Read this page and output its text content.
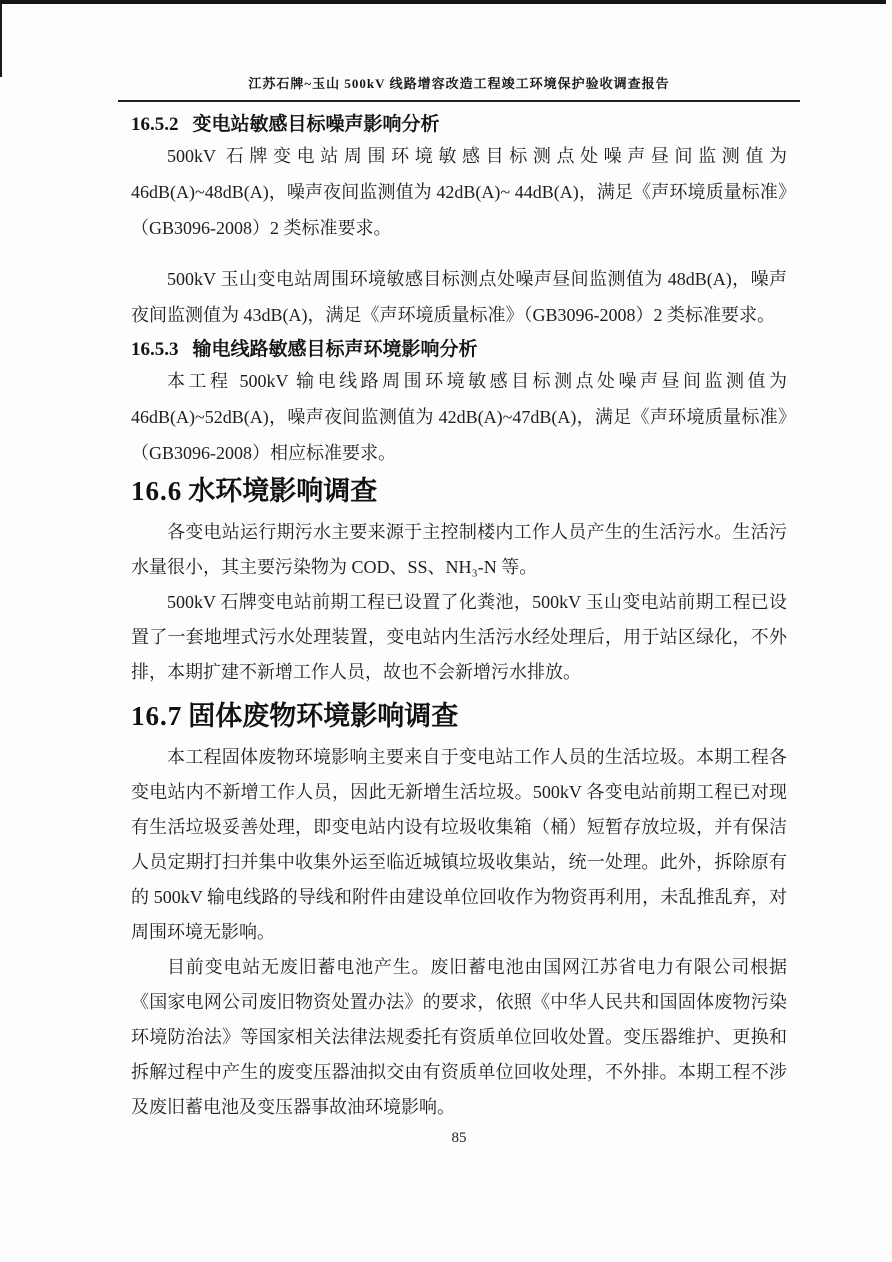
江苏石牌~玉山 500kV 线路增容改造工程竣工环境保护验收调查报告
16.5.2 变电站敏感目标噪声影响分析

500kV 石牌变电站周围环境敏感目标测点处噪声昼间监测值为 46dB(A)~48dB(A)，噪声夜间监测值为 42dB(A)~ 44dB(A)，满足《声环境质量标准》（GB3096-2008）2 类标准要求。

500kV 玉山变电站周围环境敏感目标测点处噪声昼间监测值为 48dB(A)，噪声夜间监测值为 43dB(A)，满足《声环境质量标准》（GB3096-2008）2 类标准要求。

16.5.3 输电线路敏感目标声环境影响分析

本工程 500kV 输电线路周围环境敏感目标测点处噪声昼间监测值为 46dB(A)~52dB(A)，噪声夜间监测值为 42dB(A)~47dB(A)，满足《声环境质量标准》（GB3096-2008）相应标准要求。

16.6 水环境影响调查

各变电站运行期污水主要来源于主控制楼内工作人员产生的生活污水。生活污水量很小，其主要污染物为 COD、SS、NH₃-N 等。

500kV 石牌变电站前期工程已设置了化粪池，500kV 玉山变电站前期工程已设置了一套地埋式污水处理装置，变电站内生活污水经处理后，用于站区绿化，不外排，本期扩建不新增工作人员，故也不会新增污水排放。

16.7 固体废物环境影响调查

本工程固体废物环境影响主要来自于变电站工作人员的生活垃圾。本期工程各变电站内不新增工作人员，因此无新增生活垃圾。500kV 各变电站前期工程已对现有生活垃圾妥善处理，即变电站内设有垃圾收集箱（桶）短暂存放垃圾，并有保洁人员定期打扫并集中收集外运至临近城镇垃圾收集站，统一处理。此外，拆除原有的 500kV 输电线路的导线和附件由建设单位回收作为物资再利用，未乱推乱弃，对周围环境无影响。

目前变电站无废旧蓄电池产生。废旧蓄电池由国网江苏省电力有限公司根据《国家电网公司废旧物资处置办法》的要求，依照《中华人民共和国固体废物污染环境防治法》等国家相关法律法规委托有资质单位回收处置。变压器维护、更换和拆解过程中产生的废变压器油拟交由有资质单位回收处理，不外排。本期工程不涉及废旧蓄电池及变压器事故油环境影响。

85
